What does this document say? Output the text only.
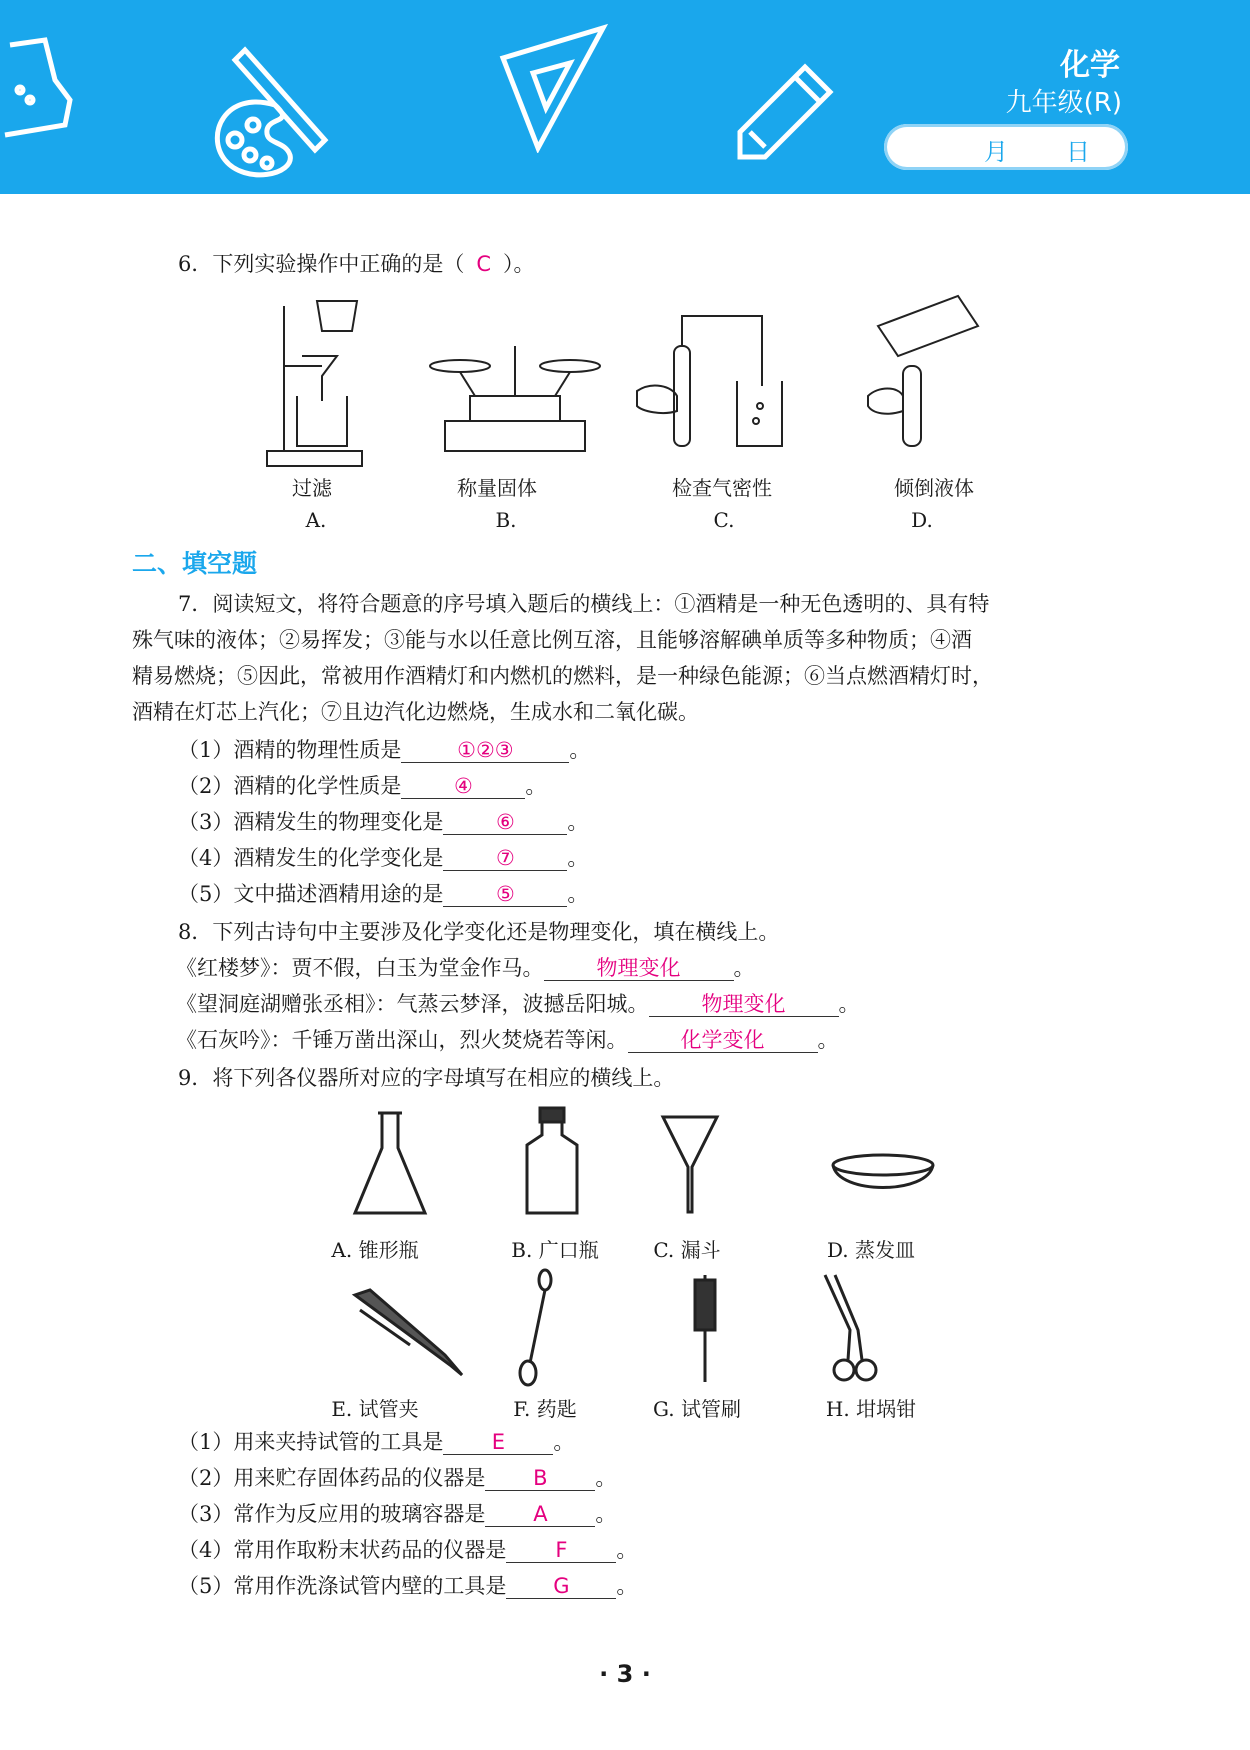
化学
九年级(R)
月 日
6．下列实验操作中正确的是（ C ）。
过滤	称量固体	检查气密性	倾倒液体
A.	B.	C.	D.
二、填空题
7．阅读短文，将符合题意的序号填入题后的横线上：①酒精是一种无色透明的、具有特
殊气味的液体；②易挥发；③能与水以任意比例互溶，且能够溶解碘单质等多种物质；④酒
精易燃烧；⑤因此，常被用作酒精灯和内燃机的燃料，是一种绿色能源；⑥当点燃酒精灯时，
酒精在灯芯上汽化；⑦且边汽化边燃烧，生成水和二氧化碳。
（1）酒精的物理性质是	①②③	。
（2）酒精的化学性质是	④	。
（3）酒精发生的物理变化是	⑥	。
（4）酒精发生的化学变化是	⑦	。
（5）文中描述酒精用途的是	⑤	。
8．下列古诗句中主要涉及化学变化还是物理变化，填在横线上。
《红楼梦》：贾不假，白玉为堂金作马。	物理变化	。
《望洞庭湖赠张丞相》：气蒸云梦泽，波撼岳阳城。	物理变化	。
《石灰吟》：千锤万凿出深山，烈火焚烧若等闲。	化学变化	。
9．将下列各仪器所对应的字母填写在相应的横线上。
A. 锥形瓶	B. 广口瓶	C. 漏斗	D. 蒸发皿
E. 试管夹	F. 药匙	G. 试管刷	H. 坩埚钳
（1）用来夹持试管的工具是 E 。
（2）用来贮存固体药品的仪器是 B 。
（3）常作为反应用的玻璃容器是 A 。
（4）常用作取粉末状药品的仪器是 F 。
（5）常用作洗涤试管内壁的工具是 G 。
· 3 ·
